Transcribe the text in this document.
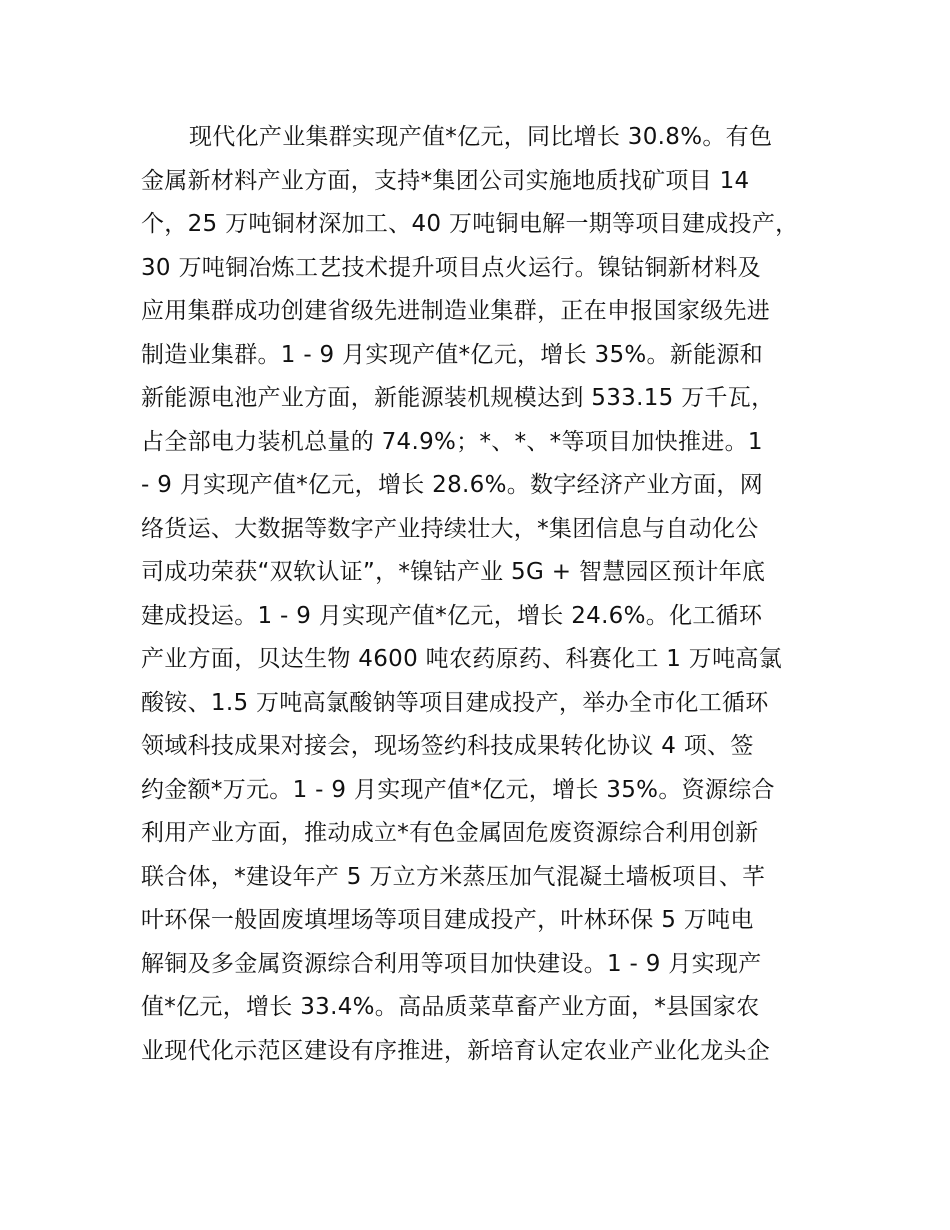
现代化产业集群实现产值*亿元，同比增长 30.8%。有色
金属新材料产业方面，支持*集团公司实施地质找矿项目 14
个，25 万吨铜材深加工、40 万吨铜电解一期等项目建成投产，
30 万吨铜冶炼工艺技术提升项目点火运行。镍钴铜新材料及
应用集群成功创建省级先进制造业集群，正在申报国家级先进
制造业集群。1 - 9 月实现产值*亿元，增长 35%。新能源和
新能源电池产业方面，新能源装机规模达到 533.15 万千瓦，
占全部电力装机总量的 74.9%；*、*、*等项目加快推进。1
- 9 月实现产值*亿元，增长 28.6%。数字经济产业方面，网
络货运、大数据等数字产业持续壮大，*集团信息与自动化公
司成功荣获“双软认证”，*镍钴产业 5G + 智慧园区预计年底
建成投运。1 - 9 月实现产值*亿元，增长 24.6%。化工循环
产业方面，贝达生物 4600 吨农药原药、科赛化工 1 万吨高氯
酸铵、1.5 万吨高氯酸钠等项目建成投产，举办全市化工循环
领域科技成果对接会，现场签约科技成果转化协议 4 项、签
约金额*万元。1 - 9 月实现产值*亿元，增长 35%。资源综合
利用产业方面，推动成立*有色金属固危废资源综合利用创新
联合体，*建设年产 5 万立方米蒸压加气混凝土墙板项目、芊
叶环保一般固废填埋场等项目建成投产，叶林环保 5 万吨电
解铜及多金属资源综合利用等项目加快建设。1 - 9 月实现产
值*亿元，增长 33.4%。高品质菜草畜产业方面，*县国家农
业现代化示范区建设有序推进，新培育认定农业产业化龙头企
